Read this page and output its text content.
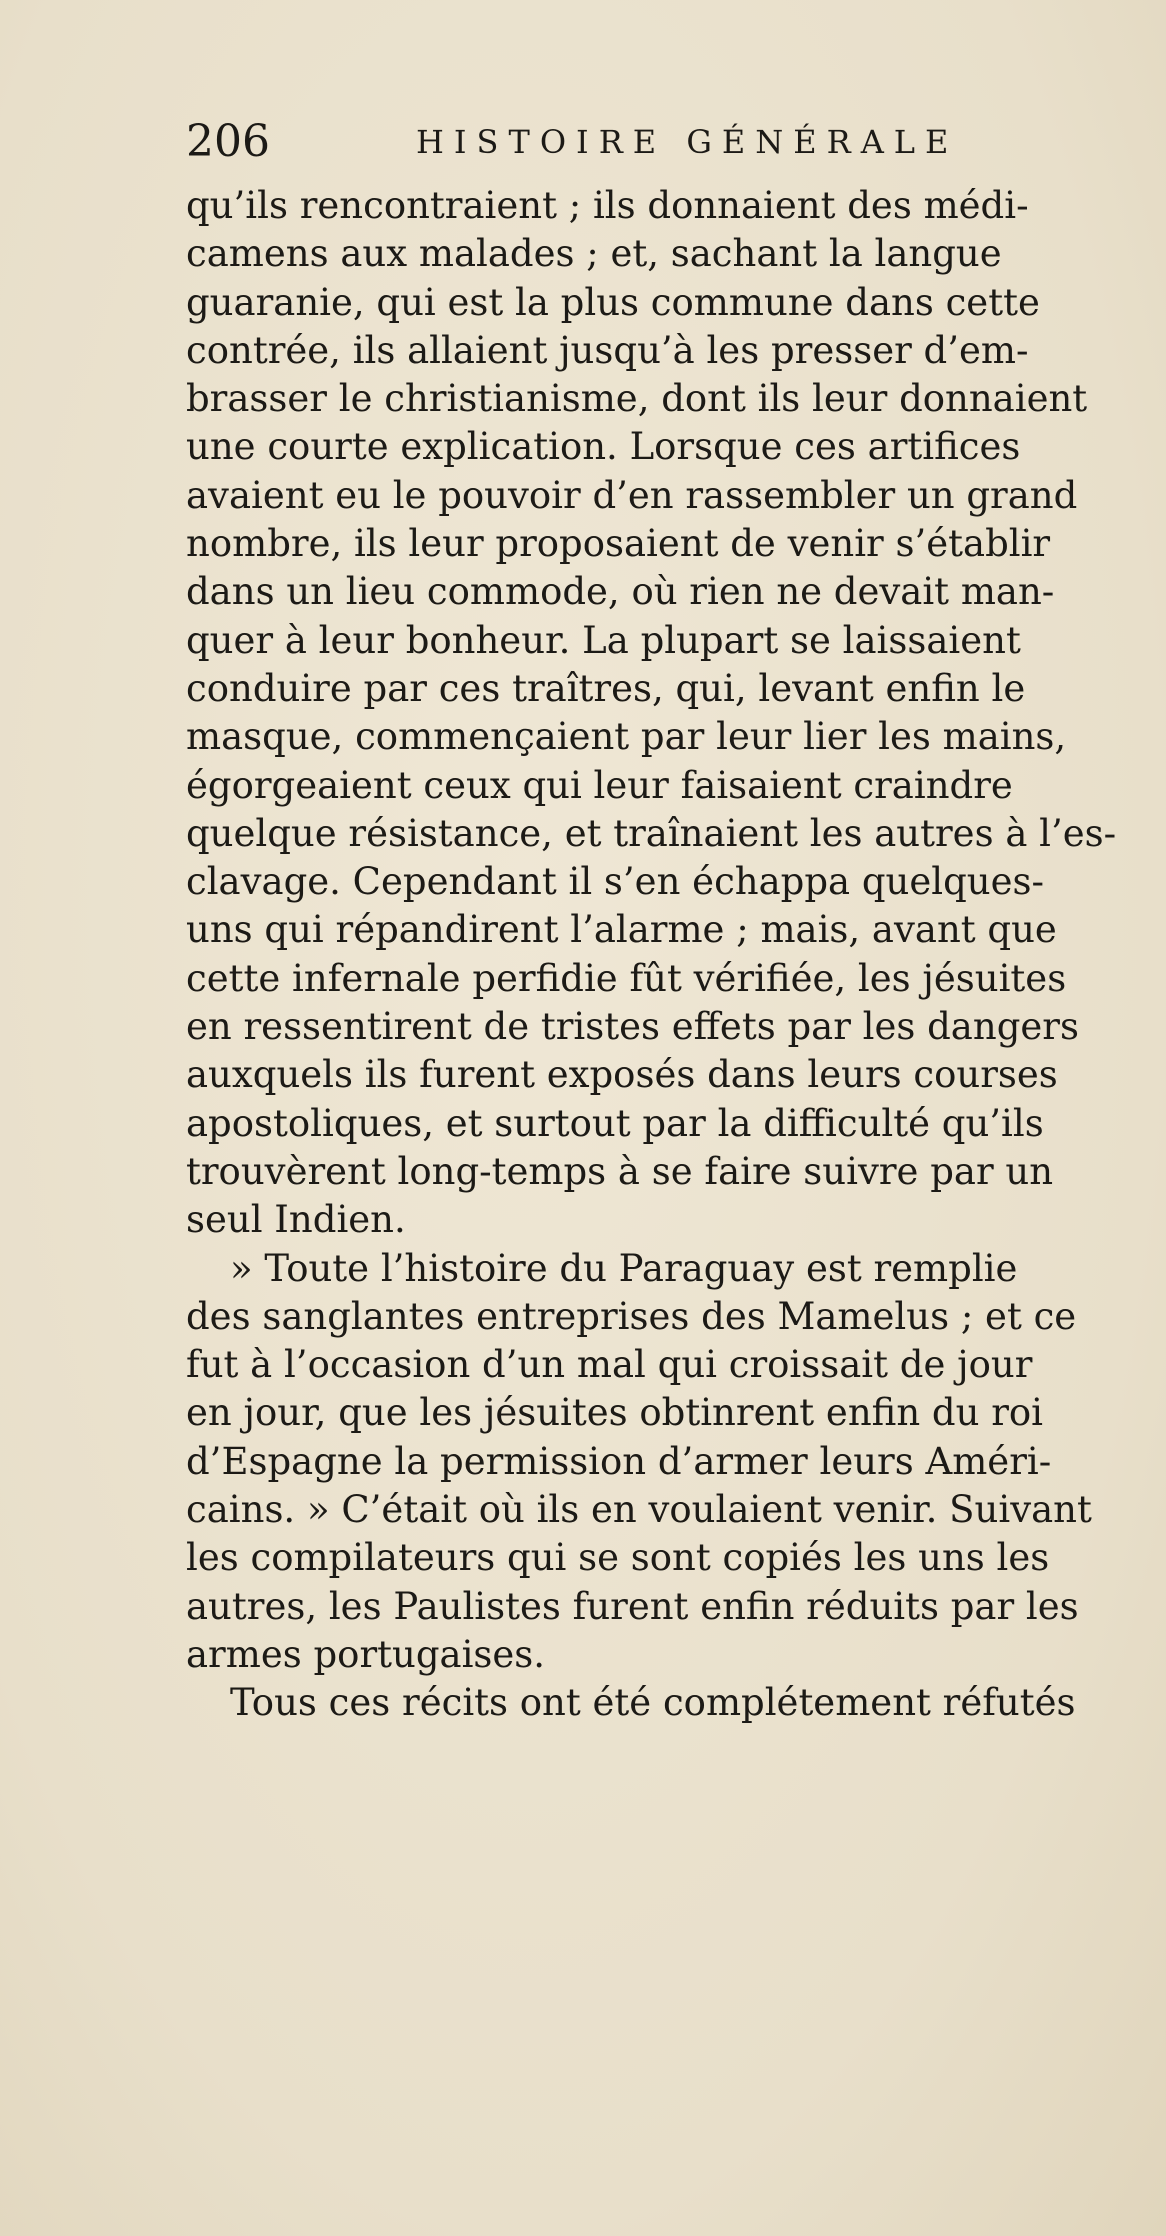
206	HISTOIRE GÉNÉRALE
qu’ils rencontraient ; ils donnaient des médi-
camens aux malades ; et, sachant la langue
guaranie, qui est la plus commune dans cette
contrée, ils allaient jusqu’à les presser d’em-
brasser le christianisme, dont ils leur donnaient
une courte explication. Lorsque ces artifices
avaient eu le pouvoir d’en rassembler un grand
nombre, ils leur proposaient de venir s’établir
dans un lieu commode, où rien ne devait man-
quer à leur bonheur. La plupart se laissaient
conduire par ces traîtres, qui, levant enfin le
masque, commençaient par leur lier les mains,
égorgeaient ceux qui leur faisaient craindre
quelque résistance, et traînaient les autres à l’es-
clavage. Cependant il s’en échappa quelques-
uns qui répandirent l’alarme ; mais, avant que
cette infernale perfidie fût vérifiée, les jésuites
en ressentirent de tristes effets par les dangers
auxquels ils furent exposés dans leurs courses
apostoliques, et surtout par la difficulté qu’ils
trouvèrent long-temps à se faire suivre par un
seul Indien.
» Toute l’histoire du Paraguay est remplie
des sanglantes entreprises des Mamelus ; et ce
fut à l’occasion d’un mal qui croissait de jour
en jour, que les jésuites obtinrent enfin du roi
d’Espagne la permission d’armer leurs Améri-
cains. » C’était où ils en voulaient venir. Suivant
les compilateurs qui se sont copiés les uns les
autres, les Paulistes furent enfin réduits par les
armes portugaises.
Tous ces récits ont été complétement réfutés
